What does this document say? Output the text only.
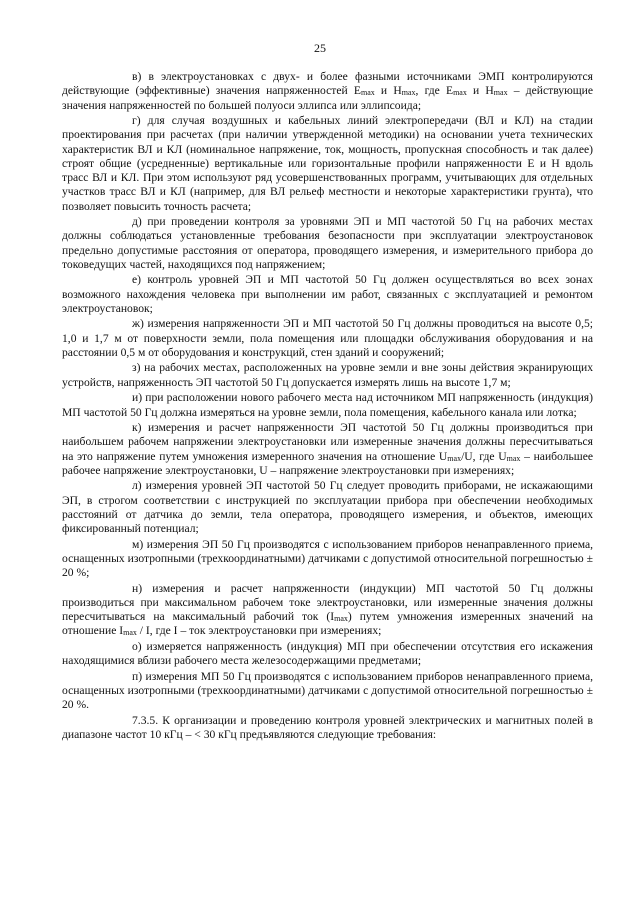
25

в) в электроустановках с двух- и более фазными источниками ЭМП контролируются действующие (эффективные) значения напряженностей $E_{max}$ и $H_{max}$, где $E_{max}$ и $H_{max}$ – действующие значения напряженностей по большей полуоси эллипса или эллипсоида;

г) для случая воздушных и кабельных линий электропередачи (ВЛ и КЛ) на стадии проектирования при расчетах (при наличии утвержденной методики) на основании учета технических характеристик ВЛ и КЛ (номинальное напряжение, ток, мощность, пропускная способность и так далее) строят общие (усредненные) вертикальные или горизонтальные профили напряженности Е и Н вдоль трасс ВЛ и КЛ. При этом используют ряд усовершенствованных программ, учитывающих для отдельных участков трасс ВЛ и КЛ (например, для ВЛ рельеф местности и некоторые характеристики грунта), что позволяет повысить точность расчета;

д) при проведении контроля за уровнями ЭП и МП частотой 50 Гц на рабочих местах должны соблюдаться установленные требования безопасности при эксплуатации электроустановок предельно допустимые расстояния от оператора, проводящего измерения, и измерительного прибора до токоведущих частей, находящихся под напряжением;

е) контроль уровней ЭП и МП частотой 50 Гц должен осуществляться во всех зонах возможного нахождения человека при выполнении им работ, связанных с эксплуатацией и ремонтом электроустановок;

ж) измерения напряженности ЭП и МП частотой 50 Гц должны проводиться на высоте 0,5; 1,0 и 1,7 м от поверхности земли, пола помещения или площадки обслуживания оборудования и на расстоянии 0,5 м от оборудования и конструкций, стен зданий и сооружений;

з) на рабочих местах, расположенных на уровне земли и вне зоны действия экранирующих устройств, напряженность ЭП частотой 50 Гц допускается измерять лишь на высоте 1,7 м;

и) при расположении нового рабочего места над источником МП напряженность (индукция) МП частотой 50 Гц должна измеряться на уровне земли, пола помещения, кабельного канала или лотка;

к) измерения и расчет напряженности ЭП частотой 50 Гц должны производиться при наибольшем рабочем напряжении электроустановки или измеренные значения должны пересчитываться на это напряжение путем умножения измеренного значения на отношение $U_{max}/U$, где $U_{max}$ – наибольшее рабочее напряжение электроустановки, U – напряжение электроустановки при измерениях;

л) измерения уровней ЭП частотой 50 Гц следует проводить приборами, не искажающими ЭП, в строгом соответствии с инструкцией по эксплуатации прибора при обеспечении необходимых расстояний от датчика до земли, тела оператора, проводящего измерения, и объектов, имеющих фиксированный потенциал;

м) измерения ЭП 50 Гц производятся с использованием приборов ненаправленного приема, оснащенных изотропными (трехкоординатными) датчиками с допустимой относительной погрешностью ± 20 %;

н) измерения и расчет напряженности (индукции) МП частотой 50 Гц должны производиться при максимальном рабочем токе электроустановки, или измеренные значения должны пересчитываться на максимальный рабочий ток $(I_{max})$ путем умножения измеренных значений на отношение $I_{max}$ / I, где I – ток электроустановки при измерениях;

о) измеряется напряженность (индукция) МП при обеспечении отсутствия его искажения находящимися вблизи рабочего места железосодержащими предметами;

п) измерения МП 50 Гц производятся с использованием приборов ненаправленного приема, оснащенных изотропными (трехкоординатными) датчиками с допустимой относительной погрешностью ± 20 %.

7.3.5. К организации и проведению контроля уровней электрических и магнитных полей в диапазоне частот 10 кГц – < 30 кГц предъявляются следующие требования:
